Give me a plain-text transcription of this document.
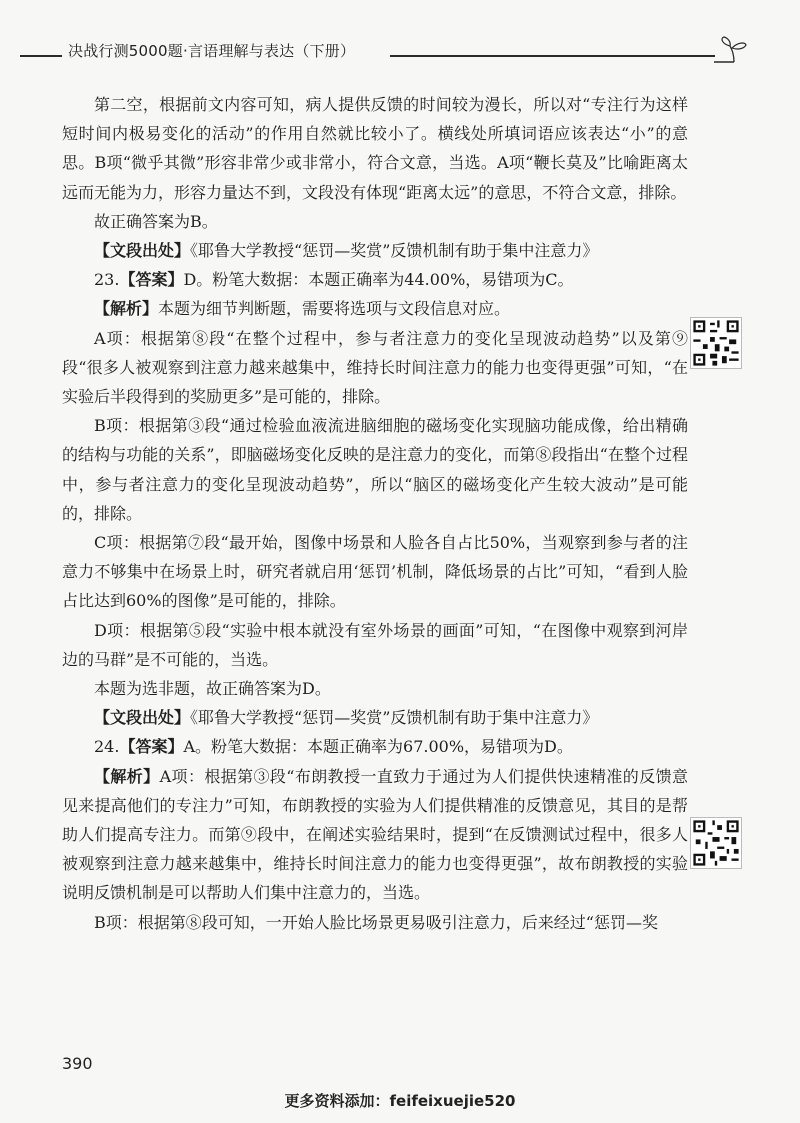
决战行测5000题·言语理解与表达（下册）

第二空，根据前文内容可知，病人提供反馈的时间较为漫长，所以对“专注行为这样短时间内极易变化的活动”的作用自然就比较小了。横线处所填词语应该表达“小”的意思。B项“微乎其微”形容非常少或非常小，符合文意，当选。A项“鞭长莫及”比喻距离太远而无能为力，形容力量达不到，文段没有体现“距离太远”的意思，不符合文意，排除。

故正确答案为B。

【文段出处】《耶鲁大学教授“惩罚—奖赏”反馈机制有助于集中注意力》

23.【答案】D。粉笔大数据：本题正确率为44.00%，易错项为C。

【解析】本题为细节判断题，需要将选项与文段信息对应。

A项：根据第⑧段“在整个过程中，参与者注意力的变化呈现波动趋势”以及第⑨段“很多人被观察到注意力越来越集中，维持长时间注意力的能力也变得更强”可知，“在实验后半段得到的奖励更多”是可能的，排除。

B项：根据第③段“通过检验血液流进脑细胞的磁场变化实现脑功能成像，给出精确的结构与功能的关系”，即脑磁场变化反映的是注意力的变化，而第⑧段指出“在整个过程中，参与者注意力的变化呈现波动趋势”，所以“脑区的磁场变化产生较大波动”是可能的，排除。

C项：根据第⑦段“最开始，图像中场景和人脸各自占比50%，当观察到参与者的注意力不够集中在场景上时，研究者就启用‘惩罚’机制，降低场景的占比”可知，“看到人脸占比达到60%的图像”是可能的，排除。

D项：根据第⑤段“实验中根本就没有室外场景的画面”可知，“在图像中观察到河岸边的马群”是不可能的，当选。

本题为选非题，故正确答案为D。

【文段出处】《耶鲁大学教授“惩罚—奖赏”反馈机制有助于集中注意力》

24.【答案】A。粉笔大数据：本题正确率为67.00%，易错项为D。

【解析】A项：根据第③段“布朗教授一直致力于通过为人们提供快速精准的反馈意见来提高他们的专注力”可知，布朗教授的实验为人们提供精准的反馈意见，其目的是帮助人们提高专注力。而第⑨段中，在阐述实验结果时，提到“在反馈测试过程中，很多人被观察到注意力越来越集中，维持长时间注意力的能力也变得更强”，故布朗教授的实验说明反馈机制是可以帮助人们集中注意力的，当选。

B项：根据第⑧段可知，一开始人脸比场景更易吸引注意力，后来经过“惩罚—奖

390
更多资料添加：feifeixuejie520
